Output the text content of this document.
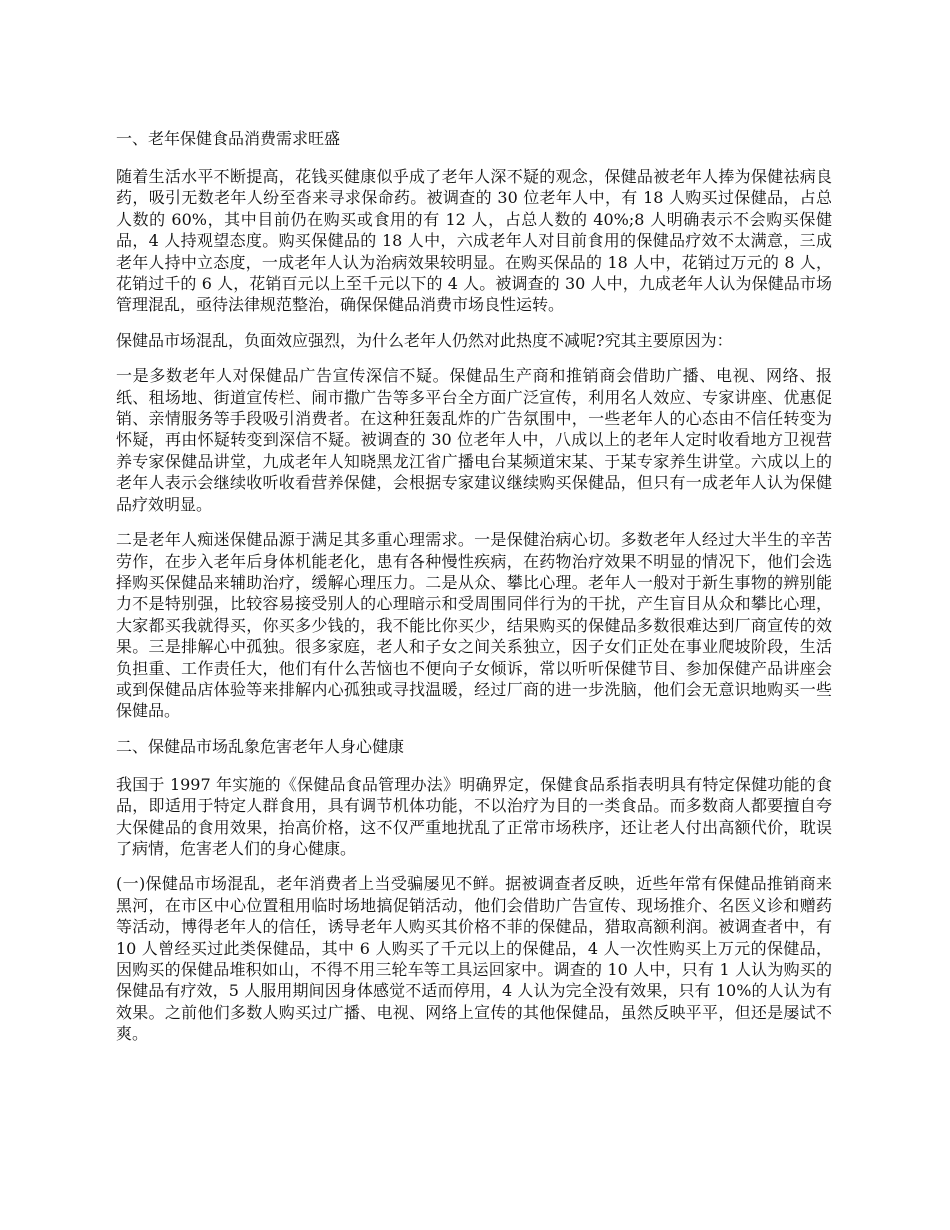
一、老年保健食品消费需求旺盛

随着生活水平不断提高，花钱买健康似乎成了老年人深不疑的观念，保健品被老年人捧为保健祛病良药，吸引无数老年人纷至沓来寻求保命药。被调查的 30 位老年人中，有 18 人购买过保健品，占总人数的 60%，其中目前仍在购买或食用的有 12 人，占总人数的 40%;8 人明确表示不会购买保健品，4 人持观望态度。购买保健品的 18 人中，六成老年人对目前食用的保健品疗效不太满意，三成老年人持中立态度，一成老年人认为治病效果较明显。在购买保品的 18 人中，花销过万元的 8 人，花销过千的 6 人，花销百元以上至千元以下的 4 人。被调查的 30 人中，九成老年人认为保健品市场管理混乱，亟待法律规范整治，确保保健品消费市场良性运转。

保健品市场混乱，负面效应强烈，为什么老年人仍然对此热度不减呢?究其主要原因为：

一是多数老年人对保健品广告宣传深信不疑。保健品生产商和推销商会借助广播、电视、网络、报纸、租场地、街道宣传栏、闹市撒广告等多平台全方面广泛宣传，利用名人效应、专家讲座、优惠促销、亲情服务等手段吸引消费者。在这种狂轰乱炸的广告氛围中，一些老年人的心态由不信任转变为怀疑，再由怀疑转变到深信不疑。被调查的 30 位老年人中，八成以上的老年人定时收看地方卫视营养专家保健品讲堂，九成老年人知晓黑龙江省广播电台某频道宋某、于某专家养生讲堂。六成以上的老年人表示会继续收听收看营养保健，会根据专家建议继续购买保健品，但只有一成老年人认为保健品疗效明显。

二是老年人痴迷保健品源于满足其多重心理需求。一是保健治病心切。多数老年人经过大半生的辛苦劳作，在步入老年后身体机能老化，患有各种慢性疾病，在药物治疗效果不明显的情况下，他们会选择购买保健品来辅助治疗，缓解心理压力。二是从众、攀比心理。老年人一般对于新生事物的辨别能力不是特别强，比较容易接受别人的心理暗示和受周围同伴行为的干扰，产生盲目从众和攀比心理，大家都买我就得买，你买多少钱的，我不能比你买少，结果购买的保健品多数很难达到厂商宣传的效果。三是排解心中孤独。很多家庭，老人和子女之间关系独立，因子女们正处在事业爬坡阶段，生活负担重、工作责任大，他们有什么苦恼也不便向子女倾诉，常以听听保健节目、参加保健产品讲座会或到保健品店体验等来排解内心孤独或寻找温暖，经过厂商的进一步洗脑，他们会无意识地购买一些保健品。

二、保健品市场乱象危害老年人身心健康

我国于 1997 年实施的《保健品食品管理办法》明确界定，保健食品系指表明具有特定保健功能的食品，即适用于特定人群食用，具有调节机体功能，不以治疗为目的一类食品。而多数商人都要擅自夸大保健品的食用效果，抬高价格，这不仅严重地扰乱了正常市场秩序，还让老人付出高额代价，耽误了病情，危害老人们的身心健康。

(一)保健品市场混乱，老年消费者上当受骗屡见不鲜。据被调查者反映，近些年常有保健品推销商来黑河，在市区中心位置租用临时场地搞促销活动，他们会借助广告宣传、现场推介、名医义诊和赠药等活动，博得老年人的信任，诱导老年人购买其价格不菲的保健品，猎取高额利润。被调查者中，有 10 人曾经买过此类保健品，其中 6 人购买了千元以上的保健品，4 人一次性购买上万元的保健品，因购买的保健品堆积如山，不得不用三轮车等工具运回家中。调查的 10 人中，只有 1 人认为购买的保健品有疗效，5 人服用期间因身体感觉不适而停用，4 人认为完全没有效果，只有 10%的人认为有效果。之前他们多数人购买过广播、电视、网络上宣传的其他保健品，虽然反映平平，但还是屡试不爽。
